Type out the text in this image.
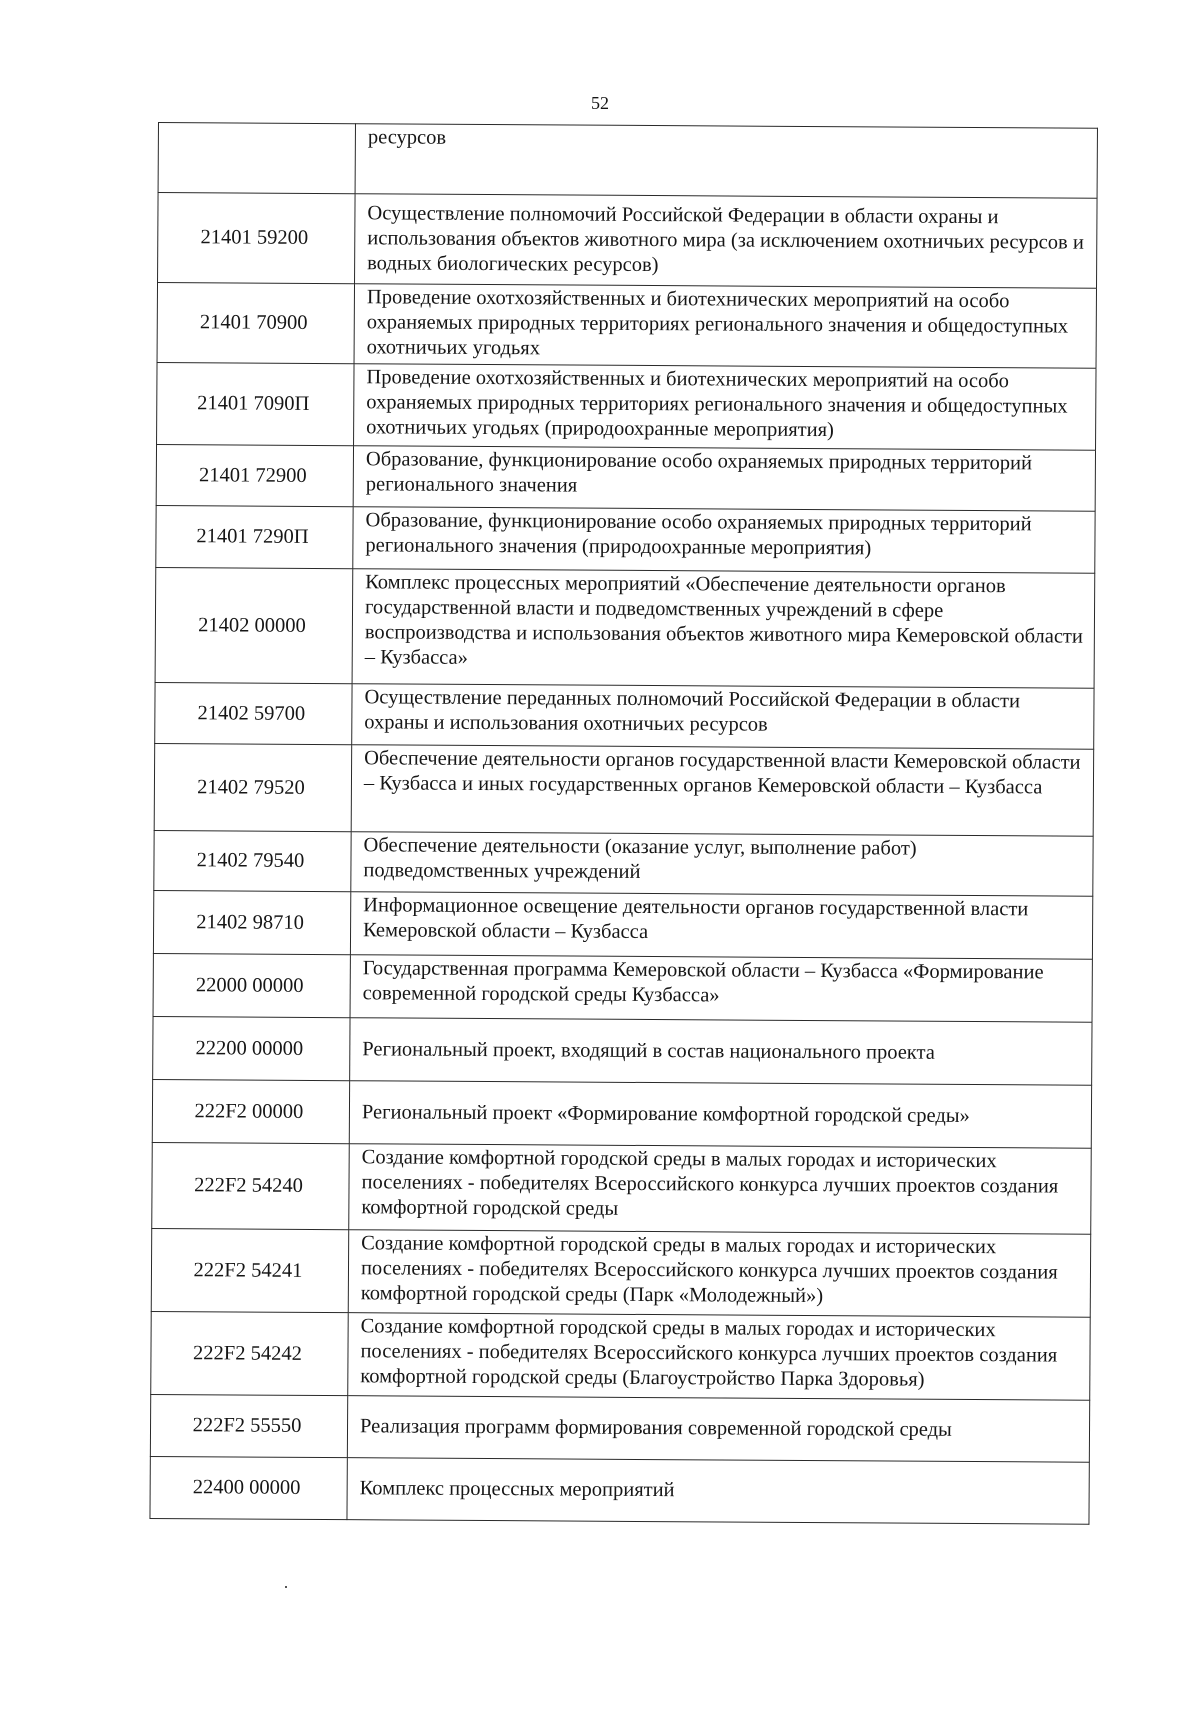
52
	ресурсов
21401 59200	Осуществление полномочий Российской Федерации в области охраны и использования объектов животного мира (за исключением охотничьих ресурсов и водных биологических ресурсов)
21401 70900	Проведение охотхозяйственных и биотехнических мероприятий на особо охраняемых природных территориях регионального значения и общедоступных охотничьих угодьях
21401 7090П	Проведение охотхозяйственных и биотехнических мероприятий на особо охраняемых природных территориях регионального значения и общедоступных охотничьих угодьях (природоохранные мероприятия)
21401 72900	Образование, функционирование особо охраняемых природных территорий регионального значения
21401 7290П	Образование, функционирование особо охраняемых природных территорий регионального значения (природоохранные мероприятия)
21402 00000	Комплекс процессных мероприятий «Обеспечение деятельности органов государственной власти и подведомственных учреждений в сфере воспроизводства и использования объектов животного мира Кемеровской области – Кузбасса»
21402 59700	Осуществление переданных полномочий Российской Федерации в области охраны и использования охотничьих ресурсов
21402 79520	Обеспечение деятельности органов государственной власти Кемеровской области – Кузбасса и иных государственных органов Кемеровской области – Кузбасса
21402 79540	Обеспечение деятельности (оказание услуг, выполнение работ) подведомственных учреждений
21402 98710	Информационное освещение деятельности органов государственной власти Кемеровской области – Кузбасса
22000 00000	Государственная программа Кемеровской области – Кузбасса «Формирование современной городской среды Кузбасса»
22200 00000	Региональный проект, входящий в состав национального проекта
222F2 00000	Региональный проект «Формирование комфортной городской среды»
222F2 54240	Создание комфортной городской среды в малых городах и исторических поселениях - победителях Всероссийского конкурса лучших проектов создания комфортной городской среды
222F2 54241	Создание комфортной городской среды в малых городах и исторических поселениях - победителях Всероссийского конкурса лучших проектов создания комфортной городской среды (Парк «Молодежный»)
222F2 54242	Создание комфортной городской среды в малых городах и исторических поселениях - победителях Всероссийского конкурса лучших проектов создания комфортной городской среды (Благоустройство Парка Здоровья)
222F2 55550	Реализация программ формирования современной городской среды
22400 00000	Комплекс процессных мероприятий
